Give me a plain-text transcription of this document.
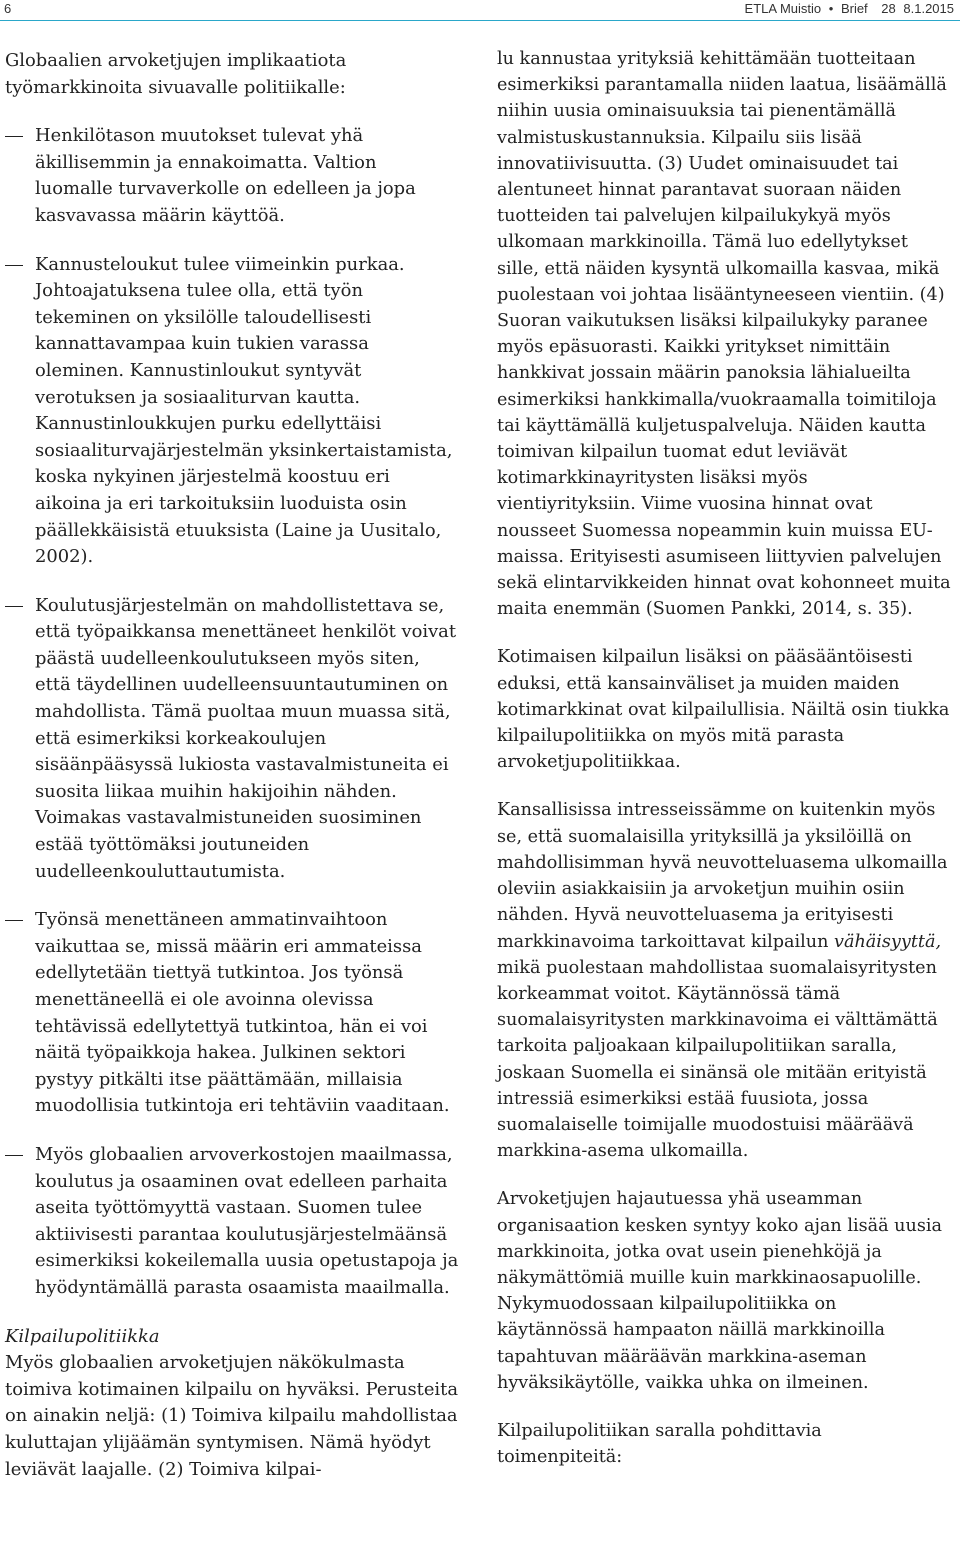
6	ETLA Muistio • Brief 28 8.1.2015

Globaalien arvoketjujen implikaatiota työmarkkinoita sivuavalle politiikalle:

Henkilötason muutokset tulevat yhä äkillisemmin ja ennakoimatta. Valtion luomalle turvaverkolle on edelleen ja jopa kasvavassa määrin käyttöä.

Kannusteloukut tulee viimeinkin purkaa. Johtoajatuksena tulee olla, että työn tekeminen on yksilölle taloudellisesti kannattavampaa kuin tukien varassa oleminen. Kannustinloukut syntyvät verotuksen ja sosiaaliturvan kautta. Kannustinloukkujen purku edellyttäisi sosiaaliturvajärjestelmän yksinkertaistamista, koska nykyinen järjestelmä koostuu eri aikoina ja eri tarkoituksiin luoduista osin päällekkäisistä etuuksista (Laine ja Uusitalo, 2002).

Koulutusjärjestelmän on mahdollistettava se, että työpaikkansa menettäneet henkilöt voivat päästä uudelleenkoulutukseen myös siten, että täydellinen uudelleensuuntautuminen on mahdollista. Tämä puoltaa muun muassa sitä, että esimerkiksi korkeakoulujen sisäänpääsyssä lukiosta vastavalmistuneita ei suosita liikaa muihin hakijoihin nähden. Voimakas vastavalmistuneiden suosiminen estää työttömäksi joutuneiden uudelleenkouluttautumista.

Työnsä menettäneen ammatinvaihtoon vaikuttaa se, missä määrin eri ammateissa edellytetään tiettyä tutkintoa. Jos työnsä menettäneellä ei ole avoinna olevissa tehtävissä edellytettyä tutkintoa, hän ei voi näitä työpaikkoja hakea. Julkinen sektori pystyy pitkälti itse päättämään, millaisia muodollisia tutkintoja eri tehtäviin vaaditaan.

Myös globaalien arvoverkostojen maailmassa, koulutus ja osaaminen ovat edelleen parhaita aseita työttömyyttä vastaan. Suomen tulee aktiivisesti parantaa koulutusjärjestelmäänsä esimerkiksi kokeilemalla uusia opetustapoja ja hyödyntämällä parasta osaamista maailmalla.

Kilpailupolitiikka

Myös globaalien arvoketjujen näkökulmasta toimiva kotimainen kilpailu on hyväksi. Perusteita on ainakin neljä: (1) Toimiva kilpailu mahdollistaa kuluttajan ylijäämän syntymisen. Nämä hyödyt leviävät laajalle. (2) Toimiva kilpai-

lu kannustaa yrityksiä kehittämään tuotteitaan esimerkiksi parantamalla niiden laatua, lisäämällä niihin uusia ominaisuuksia tai pienentämällä valmistuskustannuksia. Kilpailu siis lisää innovatiivisuutta. (3) Uudet ominaisuudet tai alentuneet hinnat parantavat suoraan näiden tuotteiden tai palvelujen kilpailukykyä myös ulkomaan markkinoilla. Tämä luo edellytykset sille, että näiden kysyntä ulkomailla kasvaa, mikä puolestaan voi johtaa lisääntyneeseen vientiin. (4) Suoran vaikutuksen lisäksi kilpailukyky paranee myös epäsuorasti. Kaikki yritykset nimittäin hankkivat jossain määrin panoksia lähialueilta esimerkiksi hankkimalla/vuokraamalla toimitiloja tai käyttämällä kuljetuspalveluja. Näiden kautta toimivan kilpailun tuomat edut leviävät kotimarkkinayritysten lisäksi myös vientiyrityksiin. Viime vuosina hinnat ovat nousseet Suomessa nopeammin kuin muissa EU-maissa. Erityisesti asumiseen liittyvien palvelujen sekä elintarvikkeiden hinnat ovat kohonneet muita maita enemmän (Suomen Pankki, 2014, s. 35).

Kotimaisen kilpailun lisäksi on pääsääntöisesti eduksi, että kansainväliset ja muiden maiden kotimarkkinat ovat kilpailullisia. Näiltä osin tiukka kilpailupolitiikka on myös mitä parasta arvoketjupolitiikkaa.

Kansallisissa intresseissämme on kuitenkin myös se, että suomalaisilla yrityksillä ja yksilöillä on mahdollisimman hyvä neuvotteluasema ulkomailla oleviin asiakkaisiin ja arvoketjun muihin osiin nähden. Hyvä neuvotteluasema ja erityisesti markkinavoima tarkoittavat kilpailun vähäisyyttä, mikä puolestaan mahdollistaa suomalaisyritysten korkeammat voitot. Käytännössä tämä suomalaisyritysten markkinavoima ei välttämättä tarkoita paljoakaan kilpailupolitiikan saralla, joskaan Suomella ei sinänsä ole mitään erityistä intressiä esimerkiksi estää fuusiota, jossa suomalaiselle toimijalle muodostuisi määräävä markkina-asema ulkomailla.

Arvoketjujen hajautuessa yhä useamman organisaation kesken syntyy koko ajan lisää uusia markkinoita, jotka ovat usein pienehköjä ja näkymättömiä muille kuin markkinaosapuolille. Nykymuodossaan kilpailupolitiikka on käytännössä hampaaton näillä markkinoilla tapahtuvan määräävän markkina-aseman hyväksikäytölle, vaikka uhka on ilmeinen.

Kilpailupolitiikan saralla pohdittavia toimenpiteitä:
